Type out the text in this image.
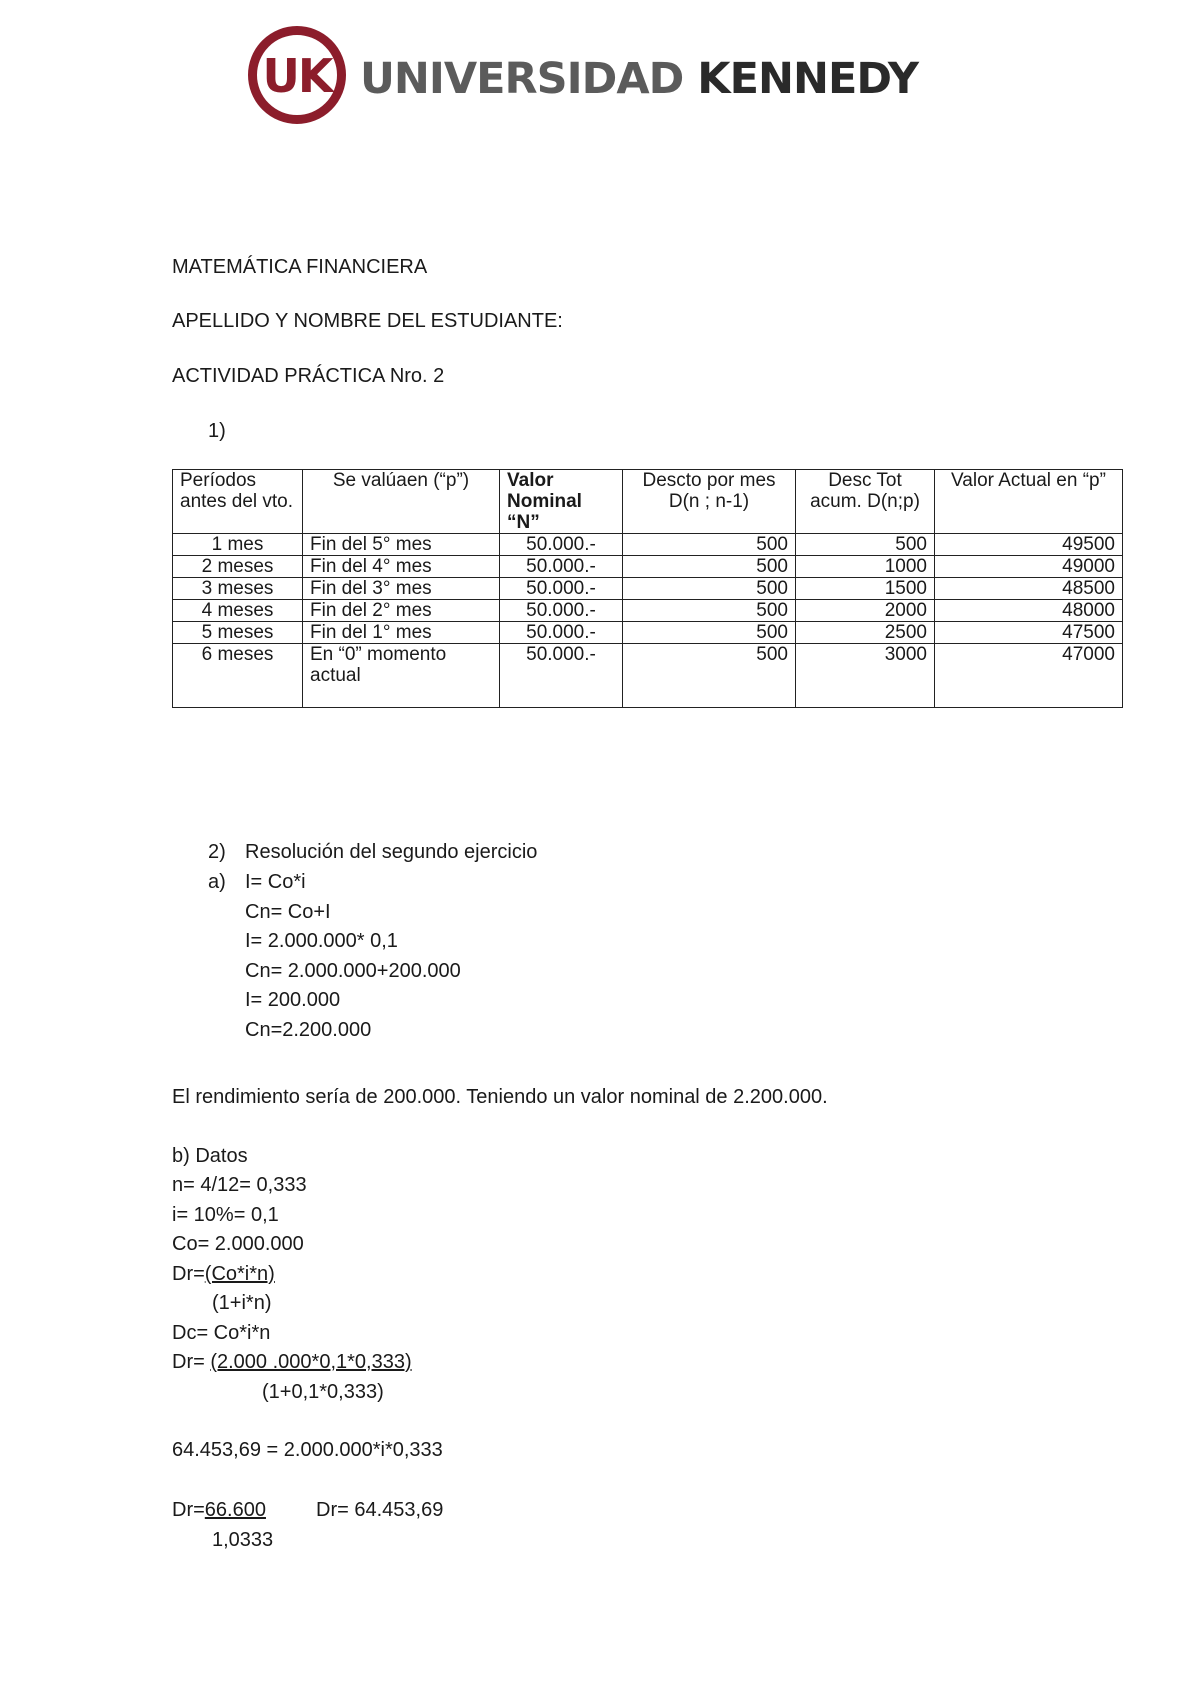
UK UNIVERSIDAD KENNEDY
MATEMÁTICA FINANCIERA
APELLIDO Y NOMBRE DEL ESTUDIANTE:
ACTIVIDAD PRÁCTICA Nro. 2
1)
Períodos antes del vto.	Se valúaen (“p”)	Valor Nominal “N”	Descto por mes D(n ; n-1)	Desc Tot acum. D(n;p)	Valor Actual en “p”
1 mes	Fin del 5° mes	50.000.-	500	500	49500
2 meses	Fin del 4° mes	50.000.-	500	1000	49000
3 meses	Fin del 3° mes	50.000.-	500	1500	48500
4 meses	Fin del 2° mes	50.000.-	500	2000	48000
5 meses	Fin del 1° mes	50.000.-	500	2500	47500
6 meses	En “0” momento actual	50.000.-	500	3000	47000
2) Resolución del segundo ejercicio
a) I= Co*i
Cn= Co+I
I= 2.000.000* 0,1
Cn= 2.000.000+200.000
I= 200.000
Cn=2.200.000
El rendimiento sería de 200.000. Teniendo un valor nominal de 2.200.000.
b) Datos
n= 4/12= 0,333
i= 10%= 0,1
Co= 2.000.000
Dr=(Co*i*n)
(1+i*n)
Dc= Co*i*n
Dr= (2.000 .000*0,1*0,333)
(1+0,1*0,333)
64.453,69 = 2.000.000*i*0,333
Dr=66.600
1,0333
Dr= 64.453,69
